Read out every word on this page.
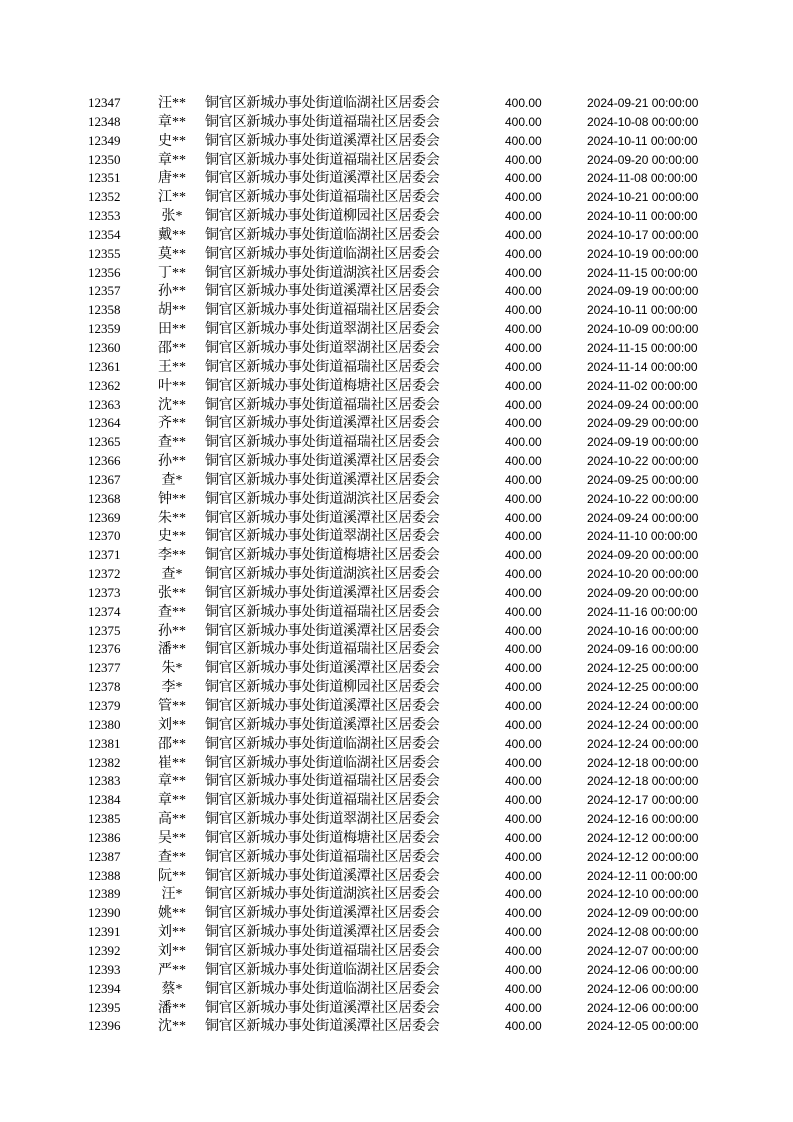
12347	汪**	铜官区新城办事处街道临湖社区居委会	400.00	2024-09-21 00:00:00
12348	章**	铜官区新城办事处街道福瑞社区居委会	400.00	2024-10-08 00:00:00
12349	史**	铜官区新城办事处街道溪潭社区居委会	400.00	2024-10-11 00:00:00
12350	章**	铜官区新城办事处街道福瑞社区居委会	400.00	2024-09-20 00:00:00
12351	唐**	铜官区新城办事处街道溪潭社区居委会	400.00	2024-11-08 00:00:00
12352	江**	铜官区新城办事处街道福瑞社区居委会	400.00	2024-10-21 00:00:00
12353	张*	铜官区新城办事处街道柳园社区居委会	400.00	2024-10-11 00:00:00
12354	戴**	铜官区新城办事处街道临湖社区居委会	400.00	2024-10-17 00:00:00
12355	莫**	铜官区新城办事处街道临湖社区居委会	400.00	2024-10-19 00:00:00
12356	丁**	铜官区新城办事处街道湖滨社区居委会	400.00	2024-11-15 00:00:00
12357	孙**	铜官区新城办事处街道溪潭社区居委会	400.00	2024-09-19 00:00:00
12358	胡**	铜官区新城办事处街道福瑞社区居委会	400.00	2024-10-11 00:00:00
12359	田**	铜官区新城办事处街道翠湖社区居委会	400.00	2024-10-09 00:00:00
12360	邵**	铜官区新城办事处街道翠湖社区居委会	400.00	2024-11-15 00:00:00
12361	王**	铜官区新城办事处街道福瑞社区居委会	400.00	2024-11-14 00:00:00
12362	叶**	铜官区新城办事处街道梅塘社区居委会	400.00	2024-11-02 00:00:00
12363	沈**	铜官区新城办事处街道福瑞社区居委会	400.00	2024-09-24 00:00:00
12364	齐**	铜官区新城办事处街道溪潭社区居委会	400.00	2024-09-29 00:00:00
12365	查**	铜官区新城办事处街道福瑞社区居委会	400.00	2024-09-19 00:00:00
12366	孙**	铜官区新城办事处街道溪潭社区居委会	400.00	2024-10-22 00:00:00
12367	查*	铜官区新城办事处街道溪潭社区居委会	400.00	2024-09-25 00:00:00
12368	钟**	铜官区新城办事处街道湖滨社区居委会	400.00	2024-10-22 00:00:00
12369	朱**	铜官区新城办事处街道溪潭社区居委会	400.00	2024-09-24 00:00:00
12370	史**	铜官区新城办事处街道翠湖社区居委会	400.00	2024-11-10 00:00:00
12371	李**	铜官区新城办事处街道梅塘社区居委会	400.00	2024-09-20 00:00:00
12372	查*	铜官区新城办事处街道湖滨社区居委会	400.00	2024-10-20 00:00:00
12373	张**	铜官区新城办事处街道溪潭社区居委会	400.00	2024-09-20 00:00:00
12374	查**	铜官区新城办事处街道福瑞社区居委会	400.00	2024-11-16 00:00:00
12375	孙**	铜官区新城办事处街道溪潭社区居委会	400.00	2024-10-16 00:00:00
12376	潘**	铜官区新城办事处街道福瑞社区居委会	400.00	2024-09-16 00:00:00
12377	朱*	铜官区新城办事处街道溪潭社区居委会	400.00	2024-12-25 00:00:00
12378	李*	铜官区新城办事处街道柳园社区居委会	400.00	2024-12-25 00:00:00
12379	管**	铜官区新城办事处街道溪潭社区居委会	400.00	2024-12-24 00:00:00
12380	刘**	铜官区新城办事处街道溪潭社区居委会	400.00	2024-12-24 00:00:00
12381	邵**	铜官区新城办事处街道临湖社区居委会	400.00	2024-12-24 00:00:00
12382	崔**	铜官区新城办事处街道临湖社区居委会	400.00	2024-12-18 00:00:00
12383	章**	铜官区新城办事处街道福瑞社区居委会	400.00	2024-12-18 00:00:00
12384	章**	铜官区新城办事处街道福瑞社区居委会	400.00	2024-12-17 00:00:00
12385	高**	铜官区新城办事处街道翠湖社区居委会	400.00	2024-12-16 00:00:00
12386	吴**	铜官区新城办事处街道梅塘社区居委会	400.00	2024-12-12 00:00:00
12387	查**	铜官区新城办事处街道福瑞社区居委会	400.00	2024-12-12 00:00:00
12388	阮**	铜官区新城办事处街道溪潭社区居委会	400.00	2024-12-11 00:00:00
12389	汪*	铜官区新城办事处街道湖滨社区居委会	400.00	2024-12-10 00:00:00
12390	姚**	铜官区新城办事处街道溪潭社区居委会	400.00	2024-12-09 00:00:00
12391	刘**	铜官区新城办事处街道溪潭社区居委会	400.00	2024-12-08 00:00:00
12392	刘**	铜官区新城办事处街道福瑞社区居委会	400.00	2024-12-07 00:00:00
12393	严**	铜官区新城办事处街道临湖社区居委会	400.00	2024-12-06 00:00:00
12394	蔡*	铜官区新城办事处街道临湖社区居委会	400.00	2024-12-06 00:00:00
12395	潘**	铜官区新城办事处街道溪潭社区居委会	400.00	2024-12-06 00:00:00
12396	沈**	铜官区新城办事处街道溪潭社区居委会	400.00	2024-12-05 00:00:00
